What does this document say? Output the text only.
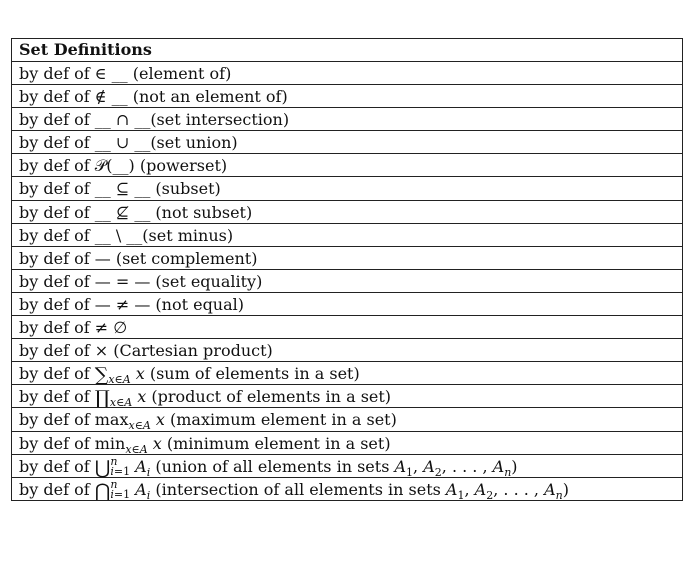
Set Definitions
by def of ∈ __ (element of)
by def of ∉ __ (not an element of)
by def of __ ∩ __(set intersection)
by def of __ ∪ __(set union)
by def of 𝒫(__) (powerset)
by def of __ ⊆ __ (subset)
by def of __ ⊈ __ (not subset)
by def of __ \ __(set minus)
by def of — (set complement)
by def of — = — (set equality)
by def of — ≠ — (not equal)
by def of ≠ ∅
by def of × (Cartesian product)
by def of $\sum_{x\in A}$ x (sum of elements in a set)
by def of $\prod_{x\in A}$ x (product of elements in a set)
by def of $\max_{x\in A} x$ (maximum element in a set)
by def of $\min_{x\in A} x$ (minimum element in a set)
by def of ⋃ n
i=1 $A_i$ (union of all elements in sets $A_1$, $A_2$, . . . , $A_n$)
by def of ⋂ n
i=1 $A_i$ (intersection of all elements in sets $A_1$, $A_2$, . . . , $A_n$)
